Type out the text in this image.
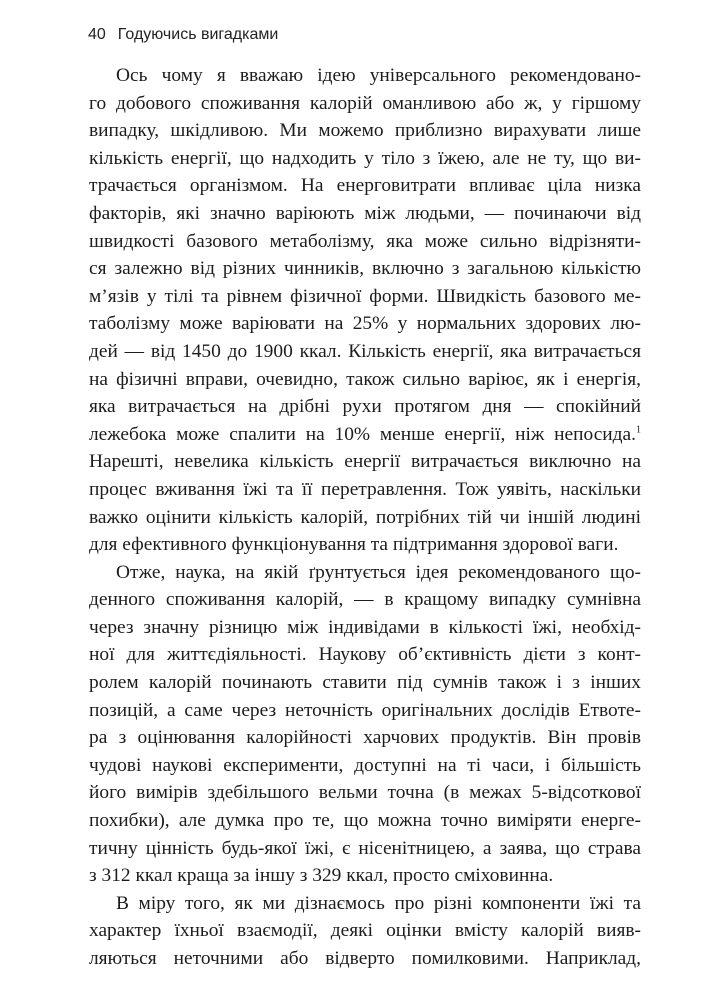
40 Годуючись вигадками
Ось чому я вважаю ідею універсального рекомендовано-
го добового споживання калорій оманливою або ж, у гіршому
випадку, шкідливою. Ми можемо приблизно вирахувати лише
кількість енергії, що надходить у тіло з їжею, але не ту, що ви-
трачається організмом. На енерговитрати впливає ціла низка
факторів, які значно варіюють між людьми, — починаючи від
швидкості базового метаболізму, яка може сильно відрізняти-
ся залежно від різних чинників, включно з загальною кількістю
м’язів у тілі та рівнем фізичної форми. Швидкість базового ме-
таболізму може варіювати на 25% у нормальних здорових лю-
дей — від 1450 до 1900 ккал. Кількість енергії, яка витрачається
на фізичні вправи, очевидно, також сильно варіює, як і енергія,
яка витрачається на дрібні рухи протягом дня — спокійний
лежебока може спалити на 10% менше енергії, ніж непосида.$^1$
Нарешті, невелика кількість енергії витрачається виключно на
процес вживання їжі та її перетравлення. Тож уявіть, наскільки
важко оцінити кількість калорій, потрібних тій чи іншій людині
для ефективного функціонування та підтримання здорової ваги.
Отже, наука, на якій ґрунтується ідея рекомендованого що-
денного споживання калорій, — в кращому випадку сумнівна
через значну різницю між індивідами в кількості їжі, необхід-
ної для життєдіяльності. Наукову об’єктивність дієти з конт-
ролем калорій починають ставити під сумнів також і з інших
позицій, а саме через неточність оригінальних дослідів Етвоте-
ра з оцінювання калорійності харчових продуктів. Він провів
чудові наукові експерименти, доступні на ті часи, і більшість
його вимірів здебільшого вельми точна (в межах 5-відсоткової
похибки), але думка про те, що можна точно виміряти енерге-
тичну цінність будь-якої їжі, є нісенітницею, а заява, що страва
з 312 ккал краща за іншу з 329 ккал, просто сміховинна.
В міру того, як ми дізнаємось про різні компоненти їжі та
характер їхньої взаємодії, деякі оцінки вмісту калорій вияв-
ляються неточними або відверто помилковими. Наприклад,
